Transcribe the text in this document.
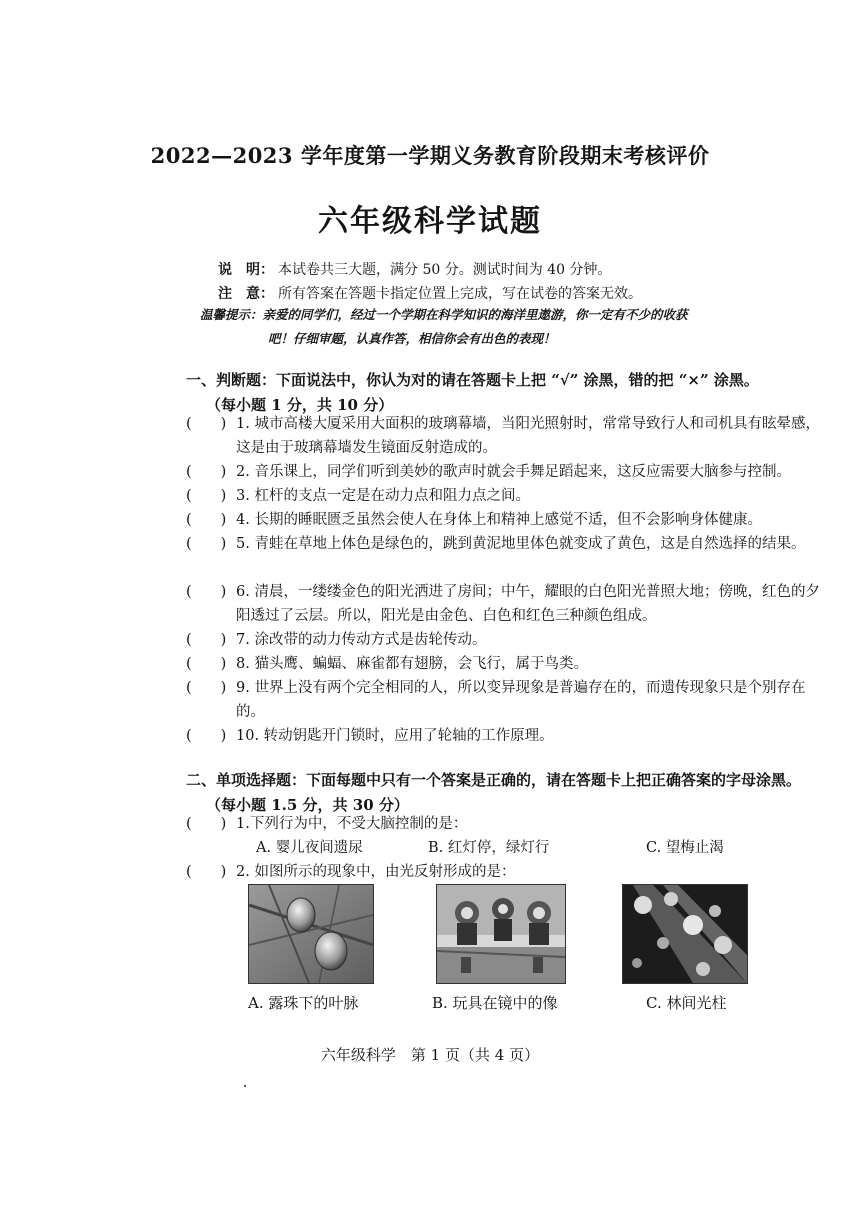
2022—2023 学年度第一学期义务教育阶段期末考核评价
六年级科学试题
说　明： 本试卷共三大题，满分 50 分。测试时间为 40 分钟。
注　意： 所有答案在答题卡指定位置上完成，写在试卷的答案无效。
温馨提示：亲爱的同学们，经过一个学期在科学知识的海洋里遨游，你一定有不少的收获
吧！仔细审题，认真作答，相信你会有出色的表现！
一、判断题：下面说法中，你认为对的请在答题卡上把 “√” 涂黑，错的把 “×” 涂黑。
（每小题 1 分，共 10 分）
(　　) 1. 城市高楼大厦采用大面积的玻璃幕墙，当阳光照射时，常常导致行人和司机具有眩晕感，这是由于玻璃幕墙发生镜面反射造成的。
(　　) 2. 音乐课上，同学们听到美妙的歌声时就会手舞足蹈起来，这反应需要大脑参与控制。
(　　) 3. 杠杆的支点一定是在动力点和阻力点之间。
(　　) 4. 长期的睡眠匮乏虽然会使人在身体上和精神上感觉不适，但不会影响身体健康。
(　　) 5. 青蛙在草地上体色是绿色的，跳到黄泥地里体色就变成了黄色，这是自然选择的结果。
(　　) 6. 清晨，一缕缕金色的阳光洒进了房间；中午，耀眼的白色阳光普照大地；傍晚，红色的夕阳透过了云层。所以，阳光是由金色、白色和红色三种颜色组成。
(　　) 7. 涂改带的动力传动方式是齿轮传动。
(　　) 8. 猫头鹰、蝙蝠、麻雀都有翅膀，会飞行，属于鸟类。
(　　) 9. 世界上没有两个完全相同的人，所以变异现象是普遍存在的，而遗传现象只是个别存在的。
(　　) 10. 转动钥匙开门锁时，应用了轮轴的工作原理。
二、单项选择题：下面每题中只有一个答案是正确的，请在答题卡上把正确答案的字母涂黑。
（每小题 1.5 分，共 30 分）
(　　) 1.下列行为中，不受大脑控制的是：
A. 婴儿夜间遗尿	B. 红灯停，绿灯行	C. 望梅止渴
(　　) 2. 如图所示的现象中，由光反射形成的是：
A. 露珠下的叶脉	B. 玩具在镜中的像	C. 林间光柱
六年级科学　第 1 页（共 4 页）
